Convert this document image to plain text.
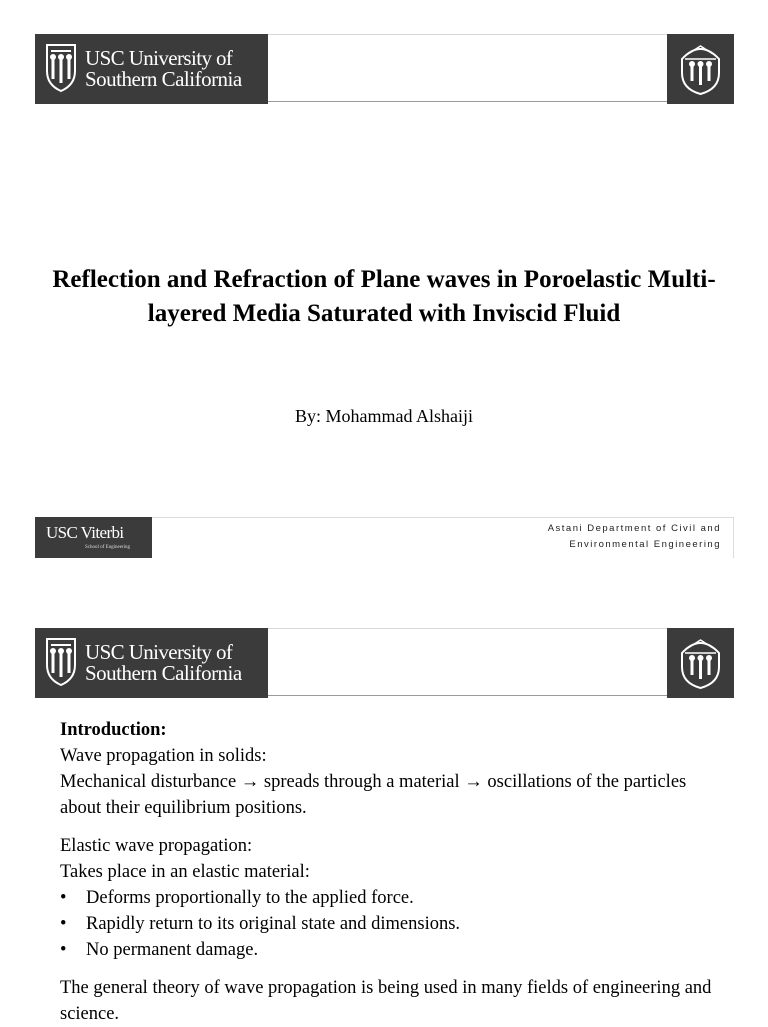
USC University of
Southern California
Reflection and Refraction of Plane waves in Poroelastic Multi-layered Media Saturated with Inviscid Fluid
By: Mohammad Alshaiji
USC Viterbi
School of Engineering
Astani Department of Civil and
Environmental Engineering
USC University of
Southern California

Introduction:

Wave propagation in solids:

Mechanical disturbance → spreads through a material → oscillations of the particles about their equilibrium positions.

Elastic wave propagation:

Takes place in an elastic material:

• Deforms proportionally to the applied force.
• Rapidly return to its original state and dimensions.
• No permanent damage.

The general theory of wave propagation is being used in many fields of engineering and science.
